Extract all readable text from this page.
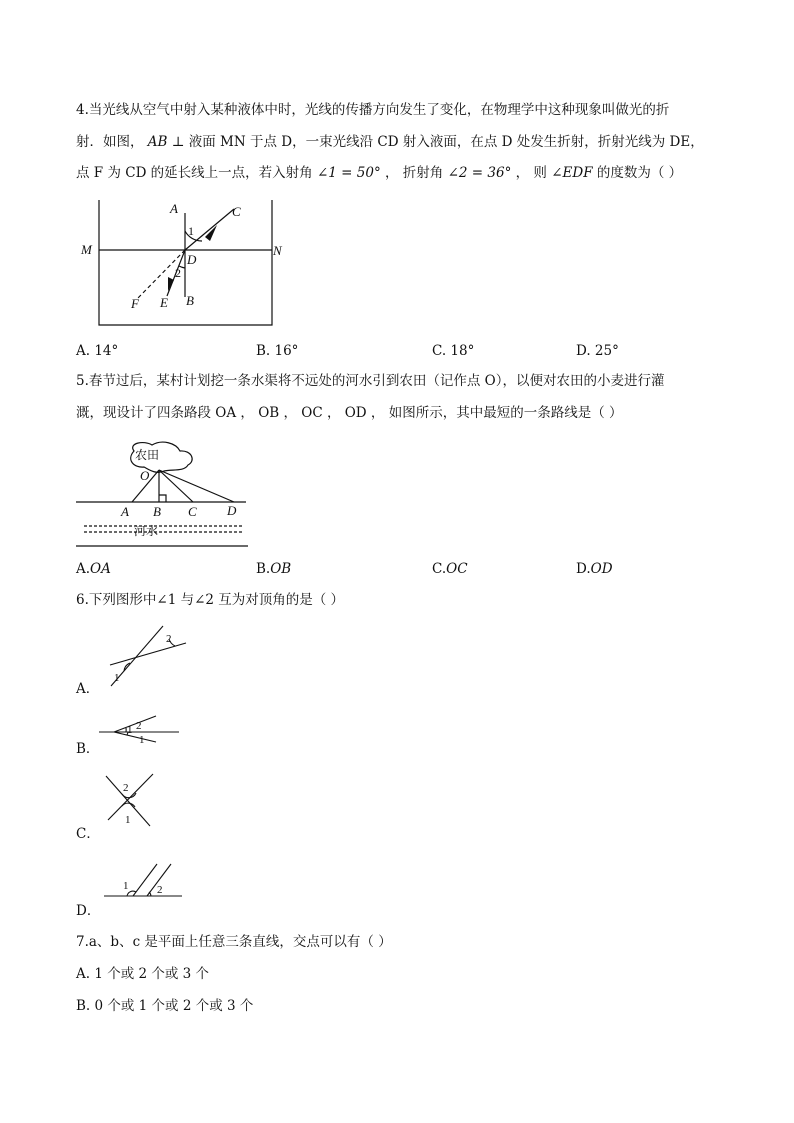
4.当光线从空气中射入某种液体中时，光线的传播方向发生了变化，在物理学中这种现象叫做光的折
射．如图， AB ⊥ 液面 MN 于点 D，一束光线沿 CD 射入液面，在点 D 处发生折射，折射光线为 DE，
点 F 为 CD 的延长线上一点，若入射角 ∠1 = 50° ， 折射角 ∠2 = 36° ， 则 ∠EDF 的度数为（ ）
A	C
M	N
D
F E B
1
2
A. 14°	B. 16°	C. 18°	D. 25°
5.春节过后，某村计划挖一条水渠将不远处的河水引到农田（记作点 O），以便对农田的小麦进行灌
溉，现设计了四条路段 OA ， OB ， OC ， OD ， 如图所示，其中最短的一条路线是（ ）
农田
O
A B C D
河水
A.OA	B.OB	C.OC	D.OD
6.下列图形中∠1 与∠2 互为对顶角的是（ ）
2
1
A．
2
1
1
B．
2
1
C．
1	2
D．
7.a、b、c 是平面上任意三条直线，交点可以有（ ）
A. 1 个或 2 个或 3 个
B. 0 个或 1 个或 2 个或 3 个
